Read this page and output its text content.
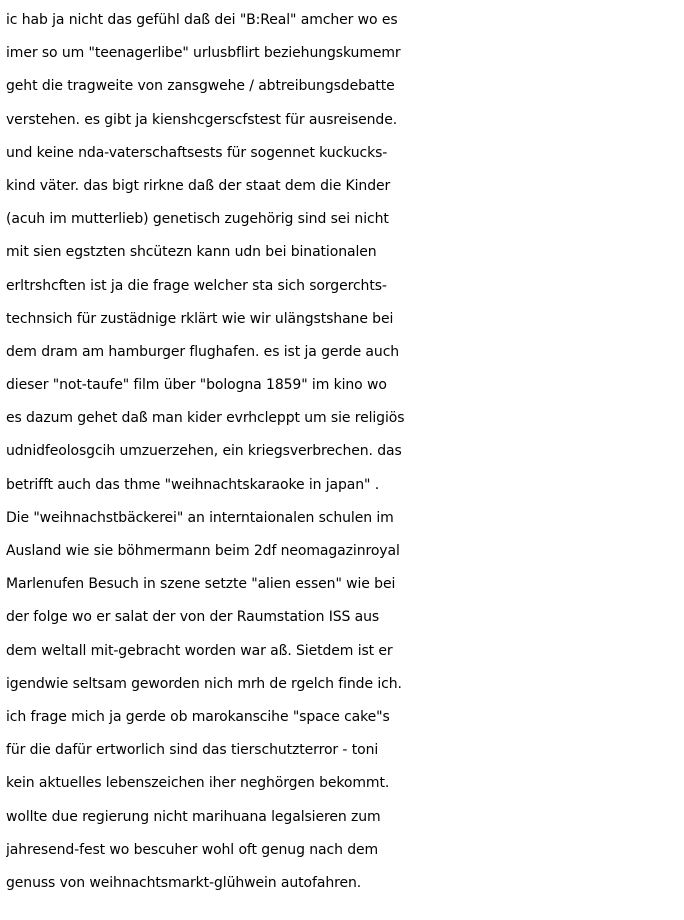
ic hab ja nicht das gefühl daß dei "B:Real" amcher wo es
imer so um "teenagerlibe" urlusbflirt beziehungskumemr
geht die tragweite von zansgwehe / abtreibungsdebatte
verstehen. es gibt ja kienshcgerscfstest für ausreisende.
und keine nda-vaterschaftsests für sogennet kuckucks-
kind väter. das bigt rirkne daß der staat dem die Kinder
(acuh im mutterlieb) genetisch zugehörig sind sei nicht
mit sien egstzten shcütezn kann udn bei binationalen
erltrshcften ist ja die frage welcher sta sich sorgerchts-
technsich für zustädnige rklärt wie wir ulängstshane bei
dem dram am hamburger flughafen. es ist ja gerde auch
dieser "not-taufe" film über "bologna 1859" im kino wo
es dazum gehet daß man kider evrhcleppt um sie religiös
udnidfeolosgcih umzuerzehen, ein kriegsverbrechen. das
betrifft auch das thme "weihnachtskaraoke in japan" .
Die "weihnachstbäckerei" an interntaionalen schulen im
Ausland wie sie böhmermann beim 2df neomagazinroyal
Marlenufen Besuch in szene setzte "alien essen" wie bei
der folge wo er salat der von der Raumstation ISS aus
dem weltall mit-gebracht worden war aß. Sietdem ist er
igendwie seltsam geworden nich mrh de rgelch finde ich.
ich frage mich ja gerde ob marokanscihe "space cake"s
für die dafür ertworlich sind das tierschutzterror - toni
kein aktuelles lebenszeichen iher neghörgen bekommt.
wollte due regierung nicht marihuana legalsieren zum
jahresend-fest wo bescuher wohl oft genug nach dem
genuss von weihnachtsmarkt-glühwein autofahren.
